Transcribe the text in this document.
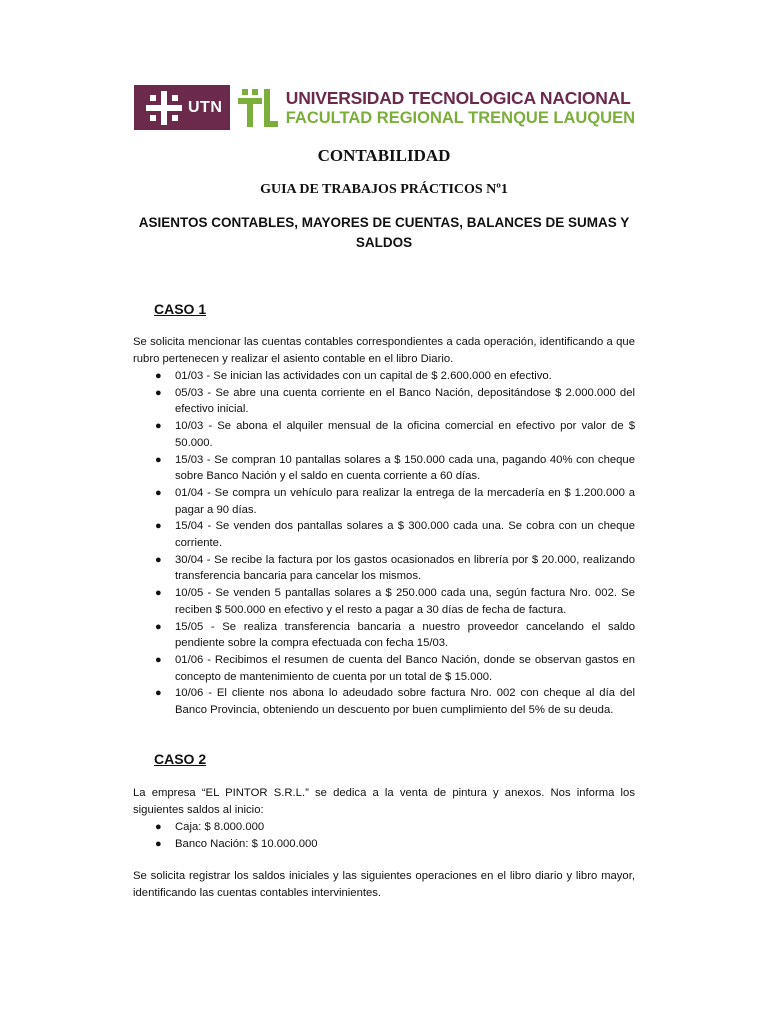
UTN	UNIVERSIDAD TECNOLOGICA NACIONAL
FACULTAD REGIONAL TRENQUE LAUQUEN
CONTABILIDAD
GUIA DE TRABAJOS PRÁCTICOS Nº1
ASIENTOS CONTABLES, MAYORES DE CUENTAS, BALANCES DE SUMAS Y SALDOS
CASO 1

Se solicita mencionar las cuentas contables correspondientes a cada operación, identificando a que rubro pertenecen y realizar el asiento contable en el libro Diario.

● 01/03 - Se inician las actividades con un capital de $ 2.600.000 en efectivo.
● 05/03 - Se abre una cuenta corriente en el Banco Nación, depositándose $ 2.000.000 del efectivo inicial.
● 10/03 - Se abona el alquiler mensual de la oficina comercial en efectivo por valor de $ 50.000.
● 15/03 - Se compran 10 pantallas solares a $ 150.000 cada una, pagando 40% con cheque sobre Banco Nación y el saldo en cuenta corriente a 60 días.
● 01/04 - Se compra un vehículo para realizar la entrega de la mercadería en $ 1.200.000 a pagar a 90 días.
● 15/04 - Se venden dos pantallas solares a $ 300.000 cada una. Se cobra con un cheque corriente.
● 30/04 - Se recibe la factura por los gastos ocasionados en librería por $ 20.000, realizando transferencia bancaria para cancelar los mismos.
● 10/05 - Se venden 5 pantallas solares a $ 250.000 cada una, según factura Nro. 002. Se reciben $ 500.000 en efectivo y el resto a pagar a 30 días de fecha de factura.
● 15/05 - Se realiza transferencia bancaria a nuestro proveedor cancelando el saldo pendiente sobre la compra efectuada con fecha 15/03.
● 01/06 - Recibimos el resumen de cuenta del Banco Nación, donde se observan gastos en concepto de mantenimiento de cuenta por un total de $ 15.000.
● 10/06 - El cliente nos abona lo adeudado sobre factura Nro. 002 con cheque al día del Banco Provincia, obteniendo un descuento por buen cumplimiento del 5% de su deuda.
CASO 2

La empresa “EL PINTOR S.R.L.” se dedica a la venta de pintura y anexos. Nos informa los siguientes saldos al inicio:

● Caja: $ 8.000.000
● Banco Nación: $ 10.000.000

Se solicita registrar los saldos iniciales y las siguientes operaciones en el libro diario y libro mayor, identificando las cuentas contables intervinientes.
